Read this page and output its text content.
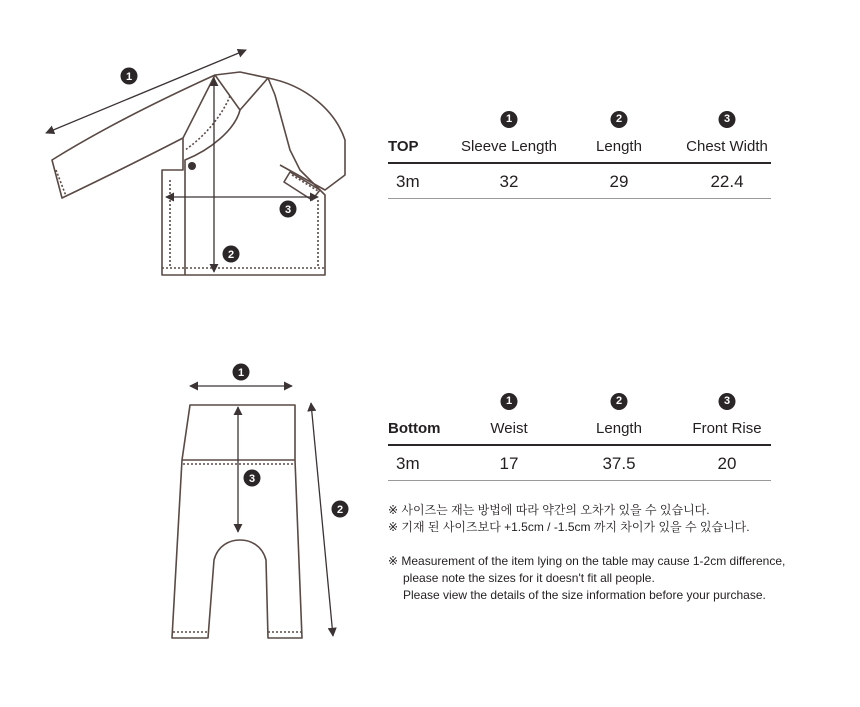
1
2
3
1
2
3
1	2	3
TOP	Sleeve Length	Length	Chest Width
3m	32	29	22.4
1	2	3
Bottom	Weist	Length	Front Rise
3m	17	37.5	20

※ 사이즈는 재는 방법에 따라 약간의 오차가 있을 수 있습니다.

※ 기재 된 사이즈보다 +1.5cm / -1.5cm 까지 차이가 있을 수 있습니다.

※ Measurement of the item lying on the table may cause 1-2cm difference,

please note the sizes for it doesn't fit all people.

Please view the details of the size information before your purchase.
